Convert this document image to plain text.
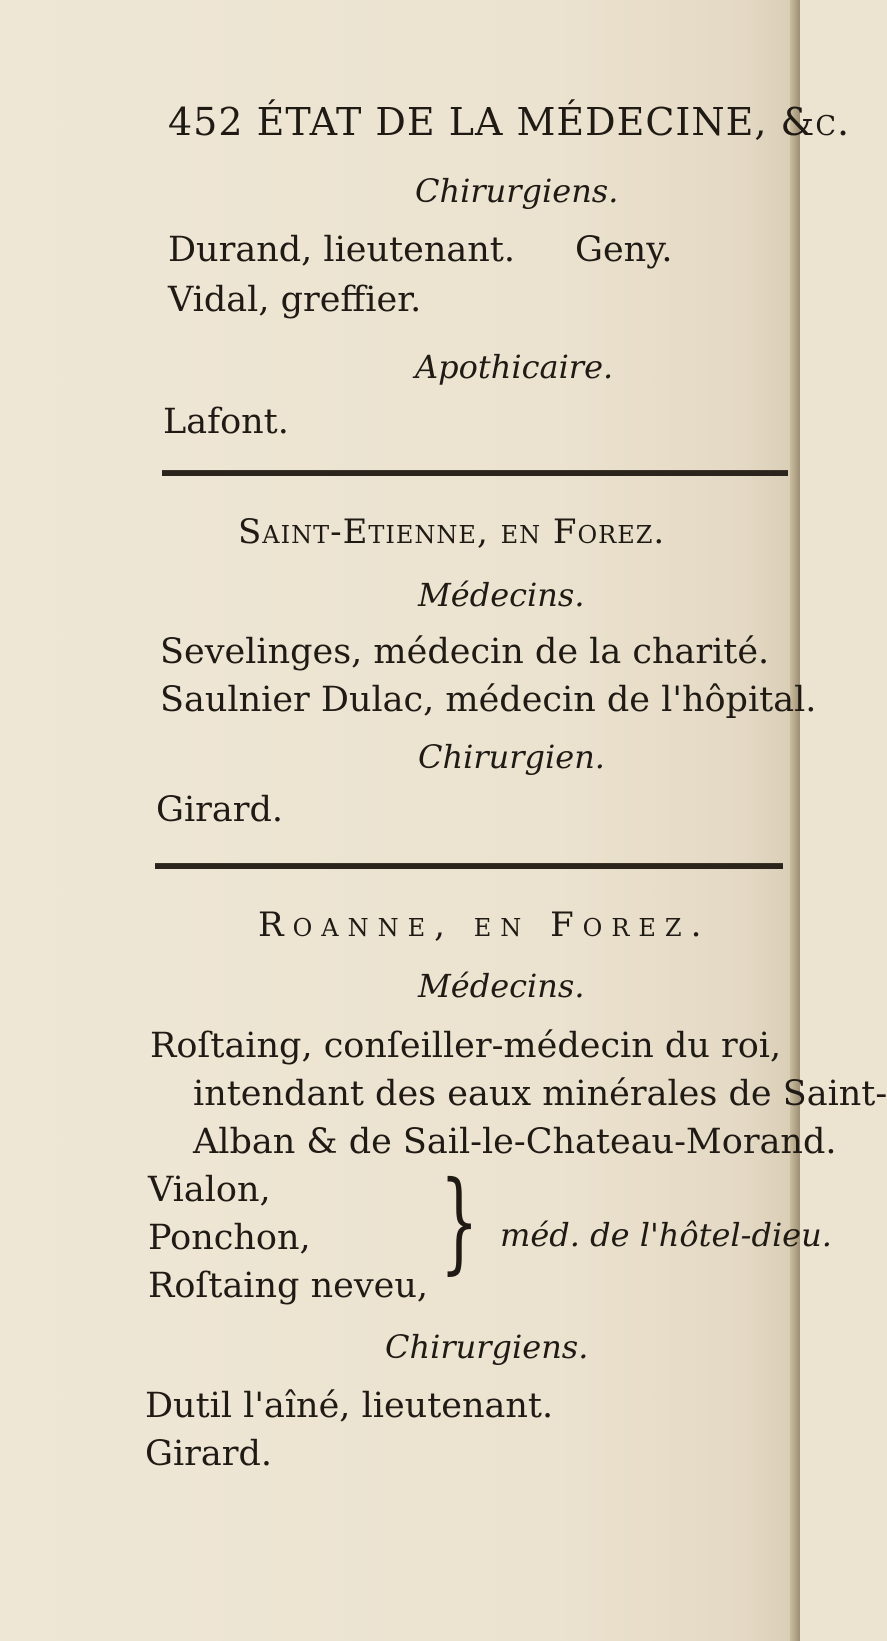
452 ÉTAT DE LA MÉDECINE, &c.
Chirurgiens.
Durand, lieutenant. Geny.
Vidal, greffier.
Apothicaire.
Lafont.
Saint-Etienne, en Forez.
Médecins.
Sevelinges, médecin de la charité.
Saulnier Dulac, médecin de l'hôpital.
Chirurgien.
Girard.
Roanne, en Forez.
Médecins.
Roſtaing, conſeiller-médecin du roi,
intendant des eaux minérales de Saint-
Alban & de Sail-le-Chateau-Morand.
Vialon,
Ponchon,
Roſtaing neveu,
} méd. de l'hôtel-dieu.
Chirurgiens.
Dutil l'aîné, lieutenant.
Girard.
